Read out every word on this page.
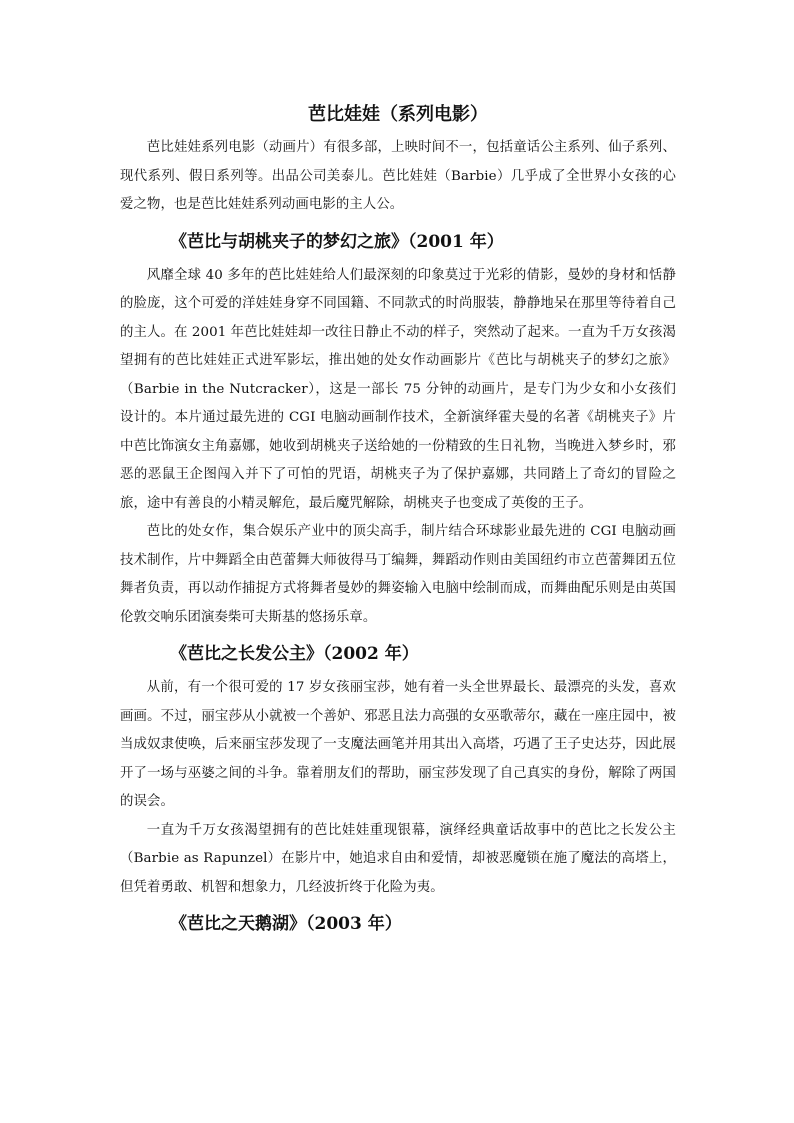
芭比娃娃（系列电影）

芭比娃娃系列电影（动画片）有很多部，上映时间不一，包括童话公主系列、仙子系列、现代系列、假日系列等。出品公司美泰儿。芭比娃娃（Barbie）几乎成了全世界小女孩的心爱之物，也是芭比娃娃系列动画电影的主人公。

《芭比与胡桃夹子的梦幻之旅》（2001 年）

风靡全球 40 多年的芭比娃娃给人们最深刻的印象莫过于光彩的倩影，曼妙的身材和恬静的脸庞，这个可爱的洋娃娃身穿不同国籍、不同款式的时尚服装，静静地呆在那里等待着自己的主人。在 2001 年芭比娃娃却一改往日静止不动的样子，突然动了起来。一直为千万女孩渴望拥有的芭比娃娃正式进军影坛，推出她的处女作动画影片《芭比与胡桃夹子的梦幻之旅》（Barbie in the Nutcracker），这是一部长 75 分钟的动画片，是专门为少女和小女孩们设计的。本片通过最先进的 CGI 电脑动画制作技术，全新演绎霍夫曼的名著《胡桃夹子》片中芭比饰演女主角嘉娜，她收到胡桃夹子送给她的一份精致的生日礼物，当晚进入梦乡时，邪恶的恶鼠王企图闯入并下了可怕的咒语，胡桃夹子为了保护嘉娜，共同踏上了奇幻的冒险之旅，途中有善良的小精灵解危，最后魔咒解除，胡桃夹子也变成了英俊的王子。

芭比的处女作，集合娱乐产业中的顶尖高手，制片结合环球影业最先进的 CGI 电脑动画技术制作，片中舞蹈全由芭蕾舞大师彼得马丁编舞，舞蹈动作则由美国纽约市立芭蕾舞团五位舞者负责，再以动作捕捉方式将舞者曼妙的舞姿输入电脑中绘制而成，而舞曲配乐则是由英国伦敦交响乐团演奏柴可夫斯基的悠扬乐章。

《芭比之长发公主》（2002 年）

从前，有一个很可爱的 17 岁女孩丽宝莎，她有着一头全世界最长、最漂亮的头发，喜欢画画。不过，丽宝莎从小就被一个善妒、邪恶且法力高强的女巫歌蒂尔，藏在一座庄园中，被当成奴隶使唤，后来丽宝莎发现了一支魔法画笔并用其出入高塔，巧遇了王子史达芬，因此展开了一场与巫婆之间的斗争。靠着朋友们的帮助，丽宝莎发现了自己真实的身份，解除了两国的误会。

一直为千万女孩渴望拥有的芭比娃娃重现银幕，演绎经典童话故事中的芭比之长发公主（Barbie as Rapunzel）在影片中，她追求自由和爱情，却被恶魔锁在施了魔法的高塔上，但凭着勇敢、机智和想象力，几经波折终于化险为夷。

《芭比之天鹅湖》（2003 年）
